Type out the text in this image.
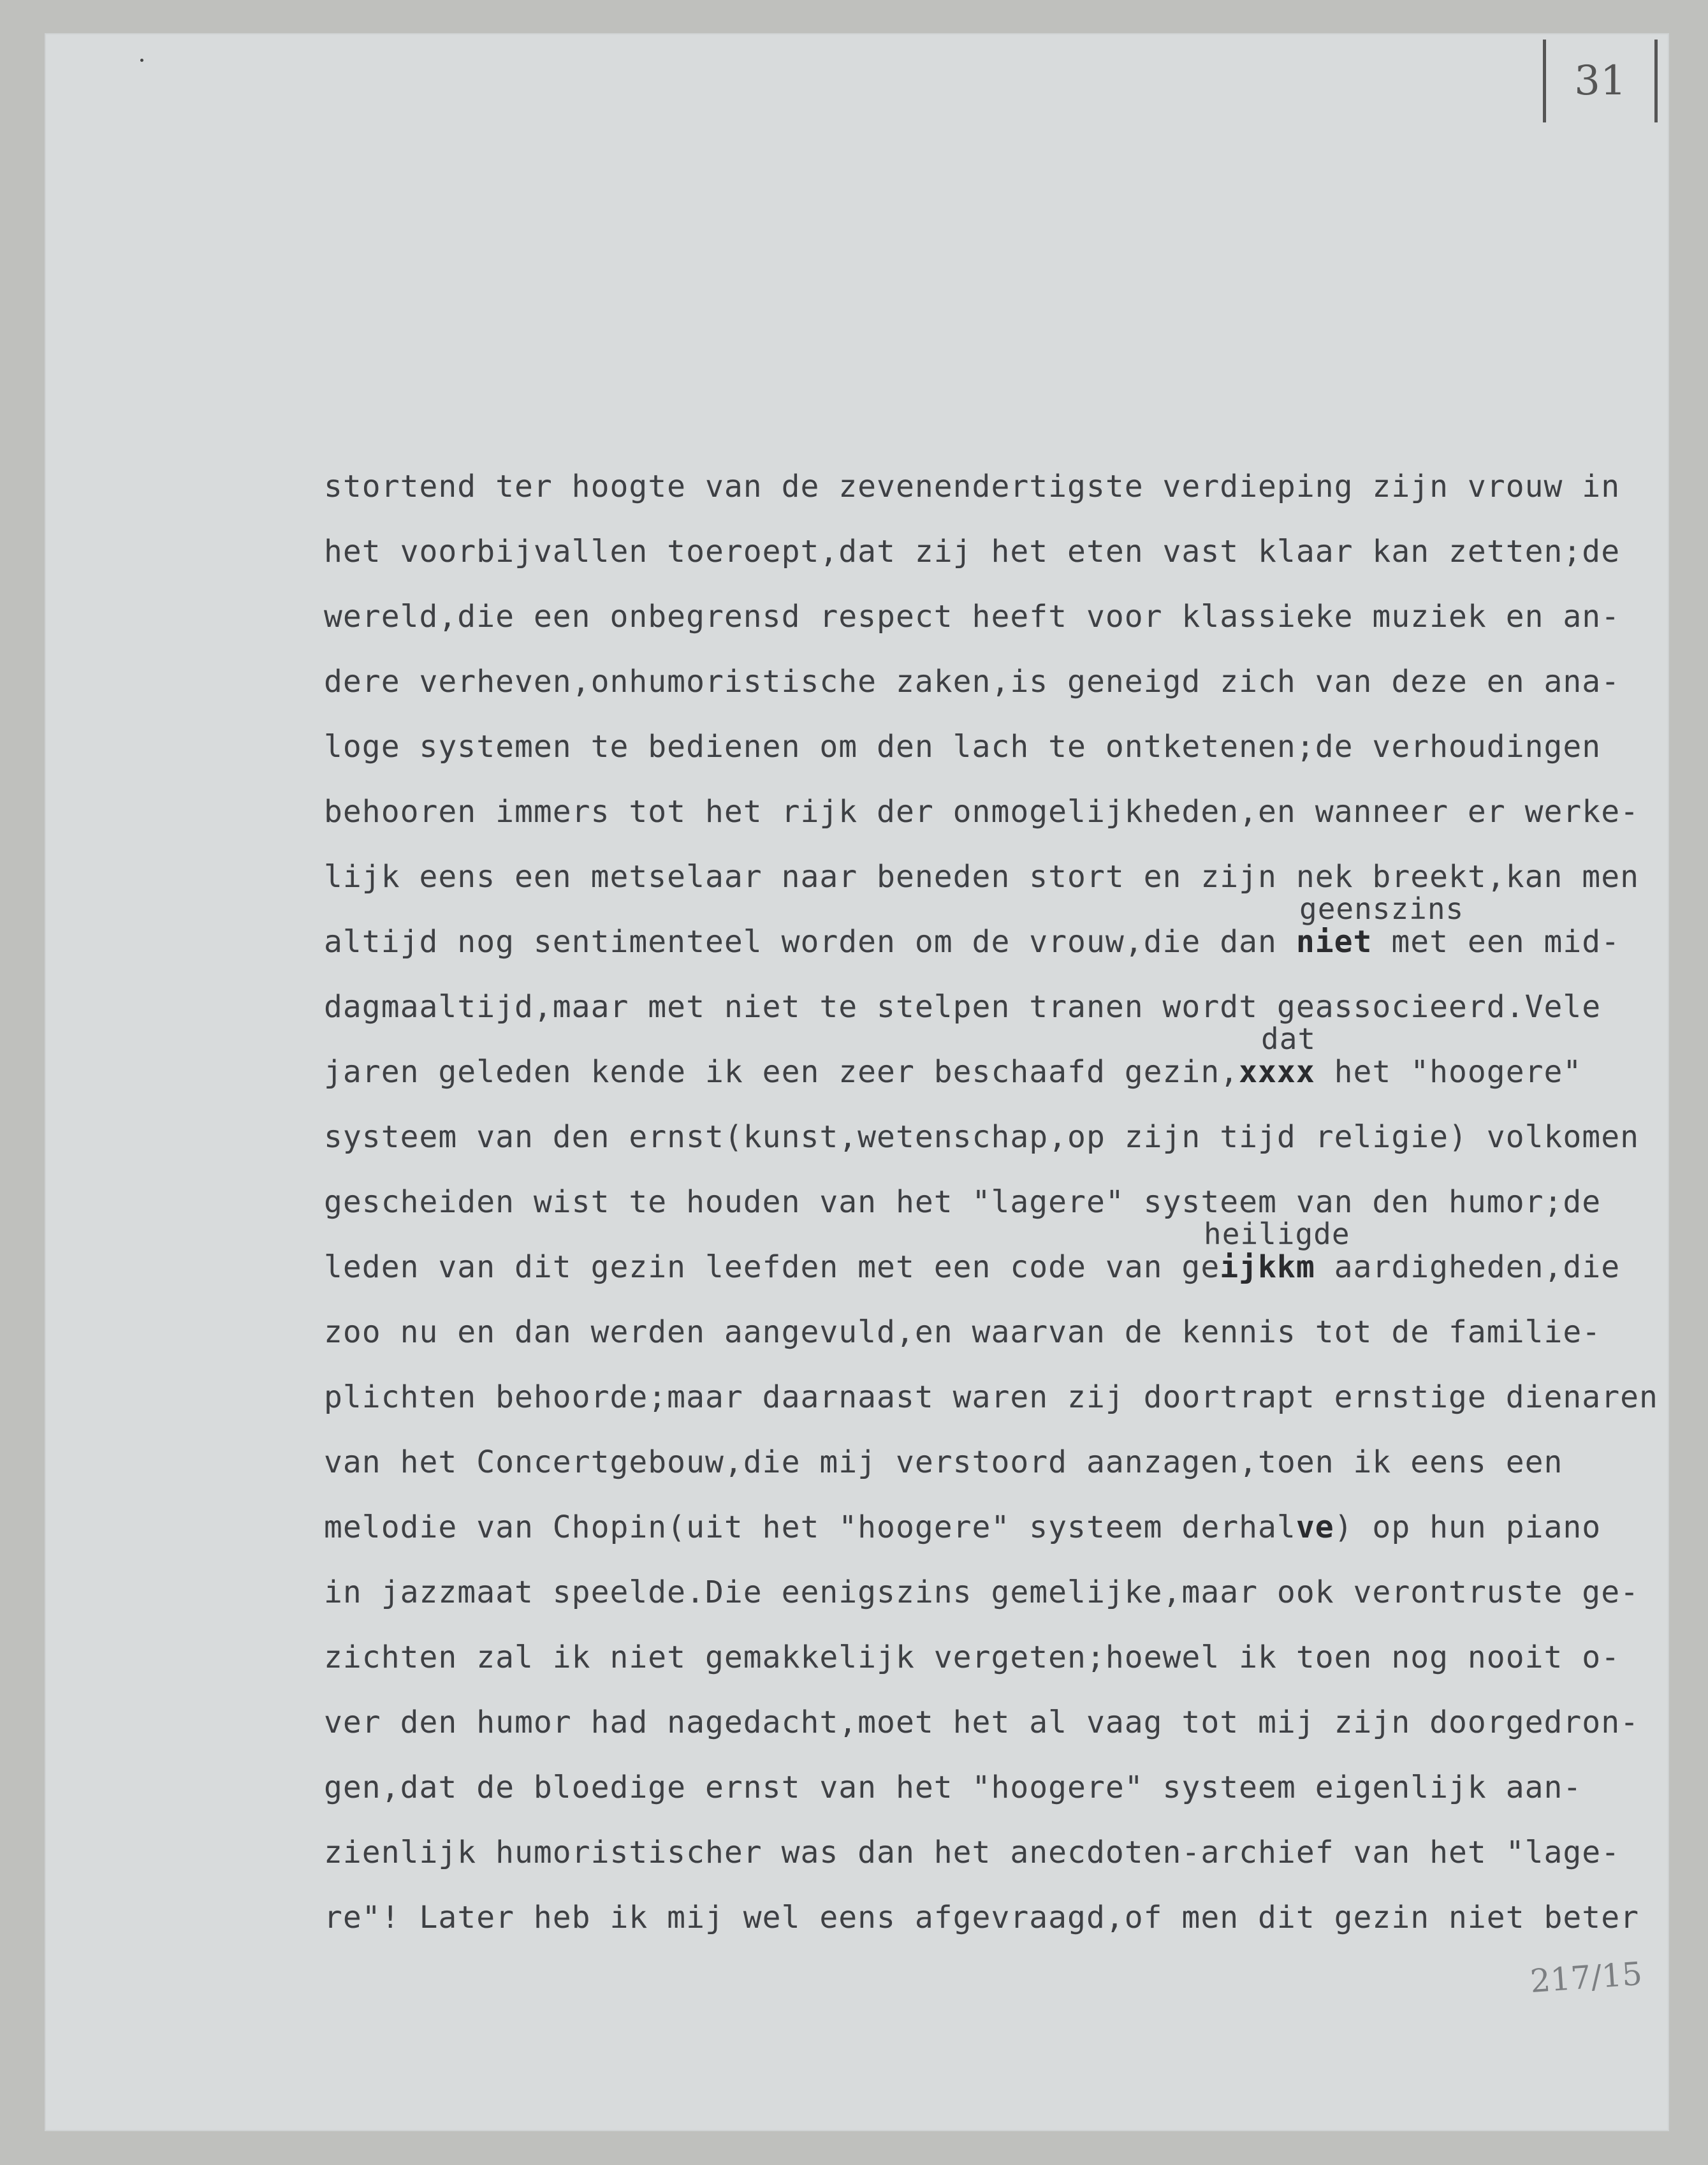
31
stortend ter hoogte van de zevenendertigste verdieping zijn vrouw in
het voorbijvallen toeroept,dat zij het eten vast klaar kan zetten;de
wereld,die een onbegrensd respect heeft voor klassieke muziek en an-
dere verheven,onhumoristische zaken,is geneigd zich van deze en ana-
loge systemen te bedienen om den lach te ontketenen;de verhoudingen
behooren immers tot het rijk der onmogelijkheden,en wanneer er werke-
lijk eens een metselaar naar beneden stort en zijn nek breekt,kan men
altijd nog sentimenteel worden om de vrouw,die dan niet met een mid-
geenszins
dagmaaltijd,maar met niet te stelpen tranen wordt geassocieerd.Vele
jaren geleden kende ik een zeer beschaafd gezin,xxxx het "hoogere"
dat
systeem van den ernst(kunst,wetenschap,op zijn tijd religie) volkomen
gescheiden wist te houden van het "lagere" systeem van den humor;de
leden van dit gezin leefden met een code van geijkkm aardigheden,die
heiligde
zoo nu en dan werden aangevuld,en waarvan de kennis tot de familie-
plichten behoorde;maar daarnaast waren zij doortrapt ernstige dienaren
van het Concertgebouw,die mij verstoord aanzagen,toen ik eens een
melodie van Chopin(uit het "hoogere" systeem derhalve) op hun piano
in jazzmaat speelde.Die eenigszins gemelijke,maar ook verontruste ge-
zichten zal ik niet gemakkelijk vergeten;hoewel ik toen nog nooit o-
ver den humor had nagedacht,moet het al vaag tot mij zijn doorgedron-
gen,dat de bloedige ernst van het "hoogere" systeem eigenlijk aan-
zienlijk humoristischer was dan het anecdoten-archief van het "lage-
re"! Later heb ik mij wel eens afgevraagd,of men dit gezin niet beter
217/15
